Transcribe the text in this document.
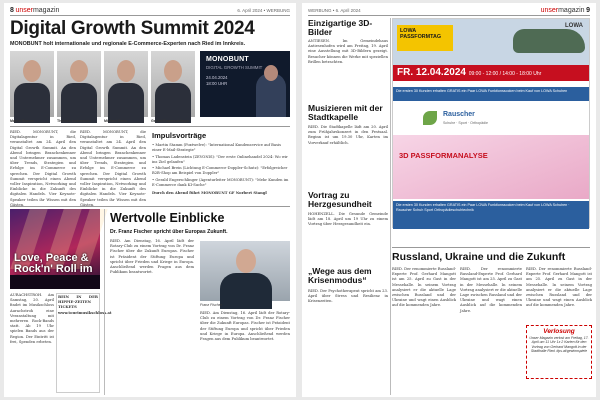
8 unsermagazin	6. April 2024 • WERBUNG
Digital Growth Summit 2024
MONOBUNT holt internationale und regionale E-Commerce-Experten nach Ried im Innkreis.
Martin Stamm	Thomas Ladenstein	Michael Brein	Gerald Engerschlinger
MONOBUNT
DIGITAL GROWTH SUMMIT
24.04.2024
18:00 UHR
RIED. MONOBUNT, die Digitalagentur in Ried, veranstaltet am 24. April den Digital Growth Summit. An den Abend bringen Branchenkenner und Unternehmer zusammen, um über Trends, Strategien und Erfolge im E-Commerce zu sprechen. Der Digital Growth Summit verspricht einen Abend voller Inspiration, Networking und Einblicke in die Zukunft des digitalen Handels. Vier Keynote-Speaker teilen ihr Wissen mit den Gästen.
RIED. MONOBUNT, die Digitalagentur in Ried, veranstaltet am 24. April den Digital Growth Summit. An den Abend bringen Branchenkenner und Unternehmer zusammen, um über Trends, Strategien und Erfolge im E-Commerce zu sprechen. Der Digital Growth Summit verspricht einen Abend voller Inspiration, Networking und Einblicke in die Zukunft des digitalen Handels. Vier Keynote-Speaker teilen ihr Wissen mit den Gästen.
Impulsvorträge
• Martin Stamm (Foxtwelve): "International Kundenservice auf Basis einer E-Mail-Strategie"
• Thomas Ladenstein (ZEVONIS): "Der erste Onlinehandel 2024: Wo wir ins Ziel gelaufen"
• Michael Brein (Lichtung E-Commerce-Doppler-Schutz): "Erfolgreicher B2B-Shop am Beispiel von Doppler"
• Gerald Engerschlinger (Agenturleiter MONOBUNT): "Mehr Kunden im E-Commerce dank KI-Suche"
Durch den Abend führt MONOBUNT GF Norbert Stangl
Love, Peace & Rock'n' Roll im
AURACHSTROH. Am Samstag, 20. April findet im Musikschloss Aurachstroh eine Veranstaltung mit mehreren Rock-Bands statt. Ab 19 Uhr spielen Bands aus der Region. Der Eintritt ist frei, Spenden erbeten.
BEIN IN DER HIPPIE-ZEITEN
TICKETS
www.tourimusikschloss.at
Wertvolle Einblicke
Dr. Franz Fischer spricht über Europas Zukunft.
RIED. Am Dienstag, 16. April lädt der Rotary-Club zu einem Vortrag von Dr. Franz Fischer über die Zukunft Europas. Fischer ist Präsident der Stiftung Europa und spricht über Frieden und Kriege in Europa. Anschließend werden Fragen aus dem Publikum beantwortet.
Franz Fischer
RIED. Am Dienstag, 16. April lädt der Rotary-Club zu einem Vortrag von Dr. Franz Fischer über die Zukunft Europas. Fischer ist Präsident der Stiftung Europa und spricht über Frieden und Kriege in Europa. Anschließend werden Fragen aus dem Publikum beantwortet.
WERBUNG • 6. April 2024	unsermagazin 9
Einzigartige 3D-Bilder
ANTIESEN. Im Gemeindehaus Antiesenhofen wird am Freitag, 19. April eine Ausstellung mit 3D-Bildern gezeigt. Besucher können die Werke mit speziellen Brillen betrachten.
Musizieren mit der Stadtkapelle
RIED. Die Stadtkapelle lädt am 20. April zum Frühjahrskonzert in den Festsaal. Beginn ist um 19.30 Uhr, Karten im Vorverkauf erhältlich.
Vortrag zu Herzgesundheit
HOHENZELL. Die Gesunde Gemeinde lädt am 18. April um 19 Uhr zu einem Vortrag über Herzgesundheit ein.
„Wege aus dem Krisenmodus“
RIED. Der Psychotherapeut spricht am 23. April über Stress und Resilienz in Krisenzeiten.
LOWA PASSFORMTAG
LOWA
FR. 12.04.2024 09:00 - 12:00 / 14:00 - 18:00 Uhr
Die ersten 30 Kunden erhalten GRATIS ein Paar LOWA Funktionssocken beim Kauf von LOWA Schuhen
Rauscher
Schuhe · Sport · Orthopädie
3D PASSFORMANALYSE
Die ersten 30 Kunden erhalten GRATIS ein Paar LOWA Funktionssocken beim Kauf von LOWA Schuhen · Rauscher Schuh Sport Orthopädieschuhtechnik
Russland, Ukraine und die Zukunft
RIED. Der renommierte Russland-Experte Prof. Gerhard Mangott ist am 25. April zu Gast in der Messehalle. In seinem Vortrag analysiert er die aktuelle Lage zwischen Russland und der Ukraine und wagt einen Ausblick auf die kommenden Jahre.
RIED. Der renommierte Russland-Experte Prof. Gerhard Mangott ist am 25. April zu Gast in der Messehalle. In seinem Vortrag analysiert er die aktuelle Lage zwischen Russland und der Ukraine und wagt einen Ausblick auf die kommenden Jahre.
RIED. Der renommierte Russland-Experte Prof. Gerhard Mangott ist am 25. April zu Gast in der Messehalle. In seinem Vortrag analysiert er die aktuelle Lage zwischen Russland und der Ukraine und wagt einen Ausblick auf die kommenden Jahre.
Verlosung
Unser Magazin verlost am Freitag, 17. April um 11 Uhr 1x 2 Karten für den Vortrag von Gerhard Mangott in der Stadthalle Ried. tips.at/gewinnspiele
